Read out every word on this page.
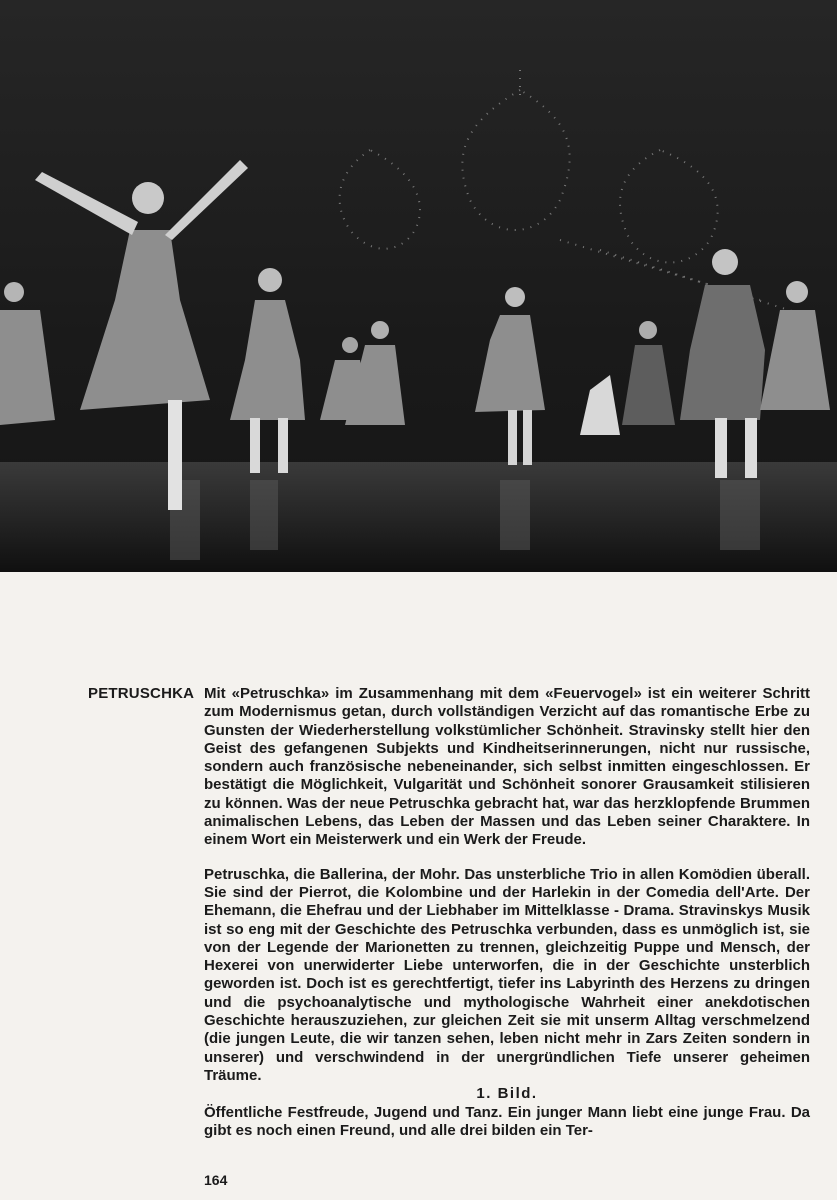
PETRUSCHKA Mit «Petruschka» im Zusammenhang mit dem «Feuervogel» ist ein weiterer Schritt zum Modernismus getan, durch vollständigen Verzicht auf das romantische Erbe zu Gunsten der Wiederherstellung volkstümlicher Schönheit. Stravinsky stellt hier den Geist des gefangenen Subjekts und Kindheitserinnerungen, nicht nur russische, sondern auch französische nebeneinander, sich selbst inmitten eingeschlossen. Er bestätigt die Möglichkeit, Vulgarität und Schönheit sonorer Grausamkeit stilisieren zu können. Was der neue Petruschka gebracht hat, war das herzklopfende Brummen animalischen Lebens, das Leben der Massen und das Leben seiner Charaktere. In einem Wort ein Meisterwerk und ein Werk der Freude.

Petruschka, die Ballerina, der Mohr. Das unsterbliche Trio in allen Komödien überall. Sie sind der Pierrot, die Kolombine und der Harlekin in der Comedia dell'Arte. Der Ehemann, die Ehefrau und der Liebhaber im Mittelklasse - Drama. Stravinskys Musik ist so eng mit der Geschichte des Petruschka verbunden, dass es unmöglich ist, sie von der Legende der Marionetten zu trennen, gleichzeitig Puppe und Mensch, der Hexerei von unerwiderter Liebe unterworfen, die in der Geschichte unsterblich geworden ist. Doch ist es gerechtfertigt, tiefer ins Labyrinth des Herzens zu dringen und die psychoanalytische und mythologische Wahrheit einer anekdotischen Geschichte herauszuziehen, zur gleichen Zeit sie mit unserm Alltag verschmelzend (die jungen Leute, die wir tanzen sehen, leben nicht mehr in Zars Zeiten sondern in unserer) und verschwindend in der unergründlichen Tiefe unserer geheimen Träume.

1. Bild.

Öffentliche Festfreude, Jugend und Tanz. Ein junger Mann liebt eine junge Frau. Da gibt es noch einen Freund, und alle drei bilden ein Ter-

164
